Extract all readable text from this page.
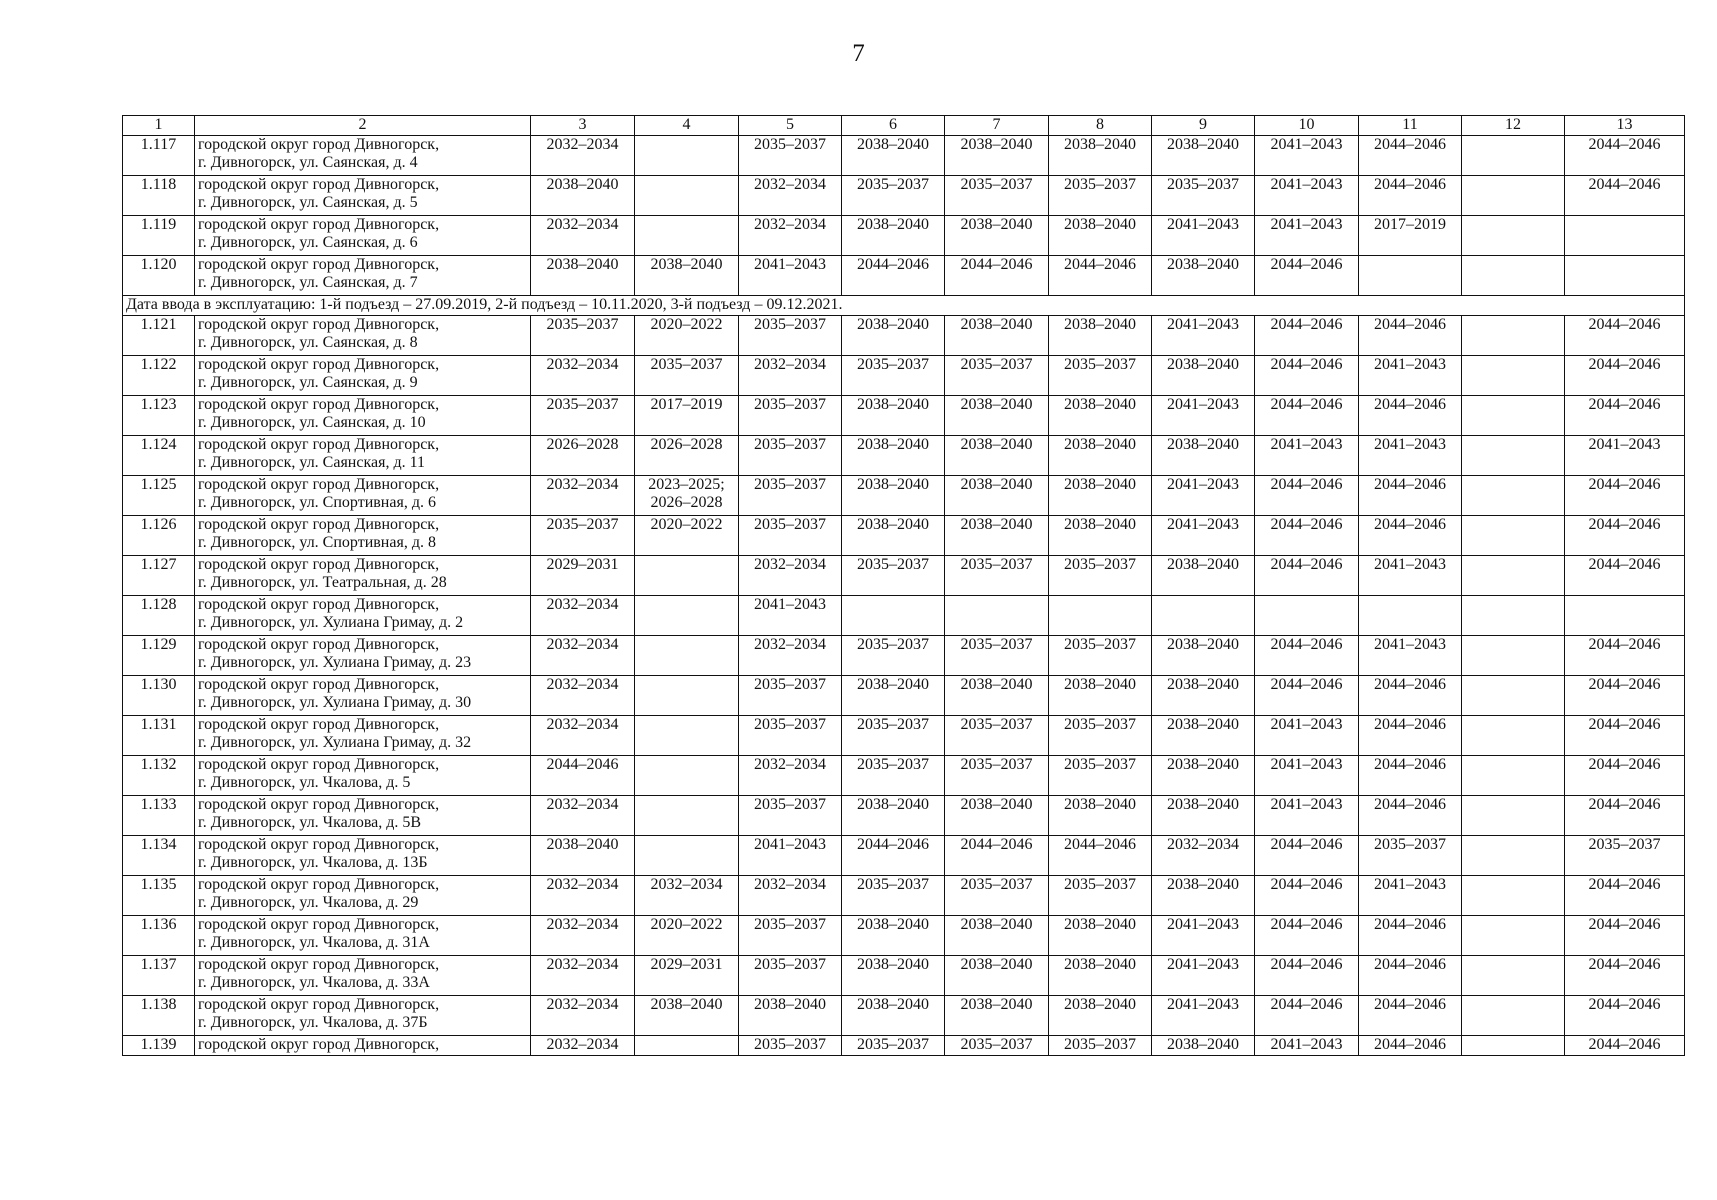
7
1	2	3	4	5	6	7	8	9	10	11	12	13
1.117	городской округ город Дивногорск,
г. Дивногорск, ул. Саянская, д. 4	2032–2034		2035–2037	2038–2040	2038–2040	2038–2040	2038–2040	2041–2043	2044–2046		2044–2046
1.118	городской округ город Дивногорск,
г. Дивногорск, ул. Саянская, д. 5	2038–2040		2032–2034	2035–2037	2035–2037	2035–2037	2035–2037	2041–2043	2044–2046		2044–2046
1.119	городской округ город Дивногорск,
г. Дивногорск, ул. Саянская, д. 6	2032–2034		2032–2034	2038–2040	2038–2040	2038–2040	2041–2043	2041–2043	2017–2019		
1.120	городской округ город Дивногорск,
г. Дивногорск, ул. Саянская, д. 7	2038–2040	2038–2040	2041–2043	2044–2046	2044–2046	2044–2046	2038–2040	2044–2046			
Дата ввода в эксплуатацию: 1-й подъезд – 27.09.2019, 2-й подъезд – 10.11.2020, 3-й подъезд – 09.12.2021.												
1.121	городской округ город Дивногорск,
г. Дивногорск, ул. Саянская, д. 8	2035–2037	2020–2022	2035–2037	2038–2040	2038–2040	2038–2040	2041–2043	2044–2046	2044–2046		2044–2046
1.122	городской округ город Дивногорск,
г. Дивногорск, ул. Саянская, д. 9	2032–2034	2035–2037	2032–2034	2035–2037	2035–2037	2035–2037	2038–2040	2044–2046	2041–2043		2044–2046
1.123	городской округ город Дивногорск,
г. Дивногорск, ул. Саянская, д. 10	2035–2037	2017–2019	2035–2037	2038–2040	2038–2040	2038–2040	2041–2043	2044–2046	2044–2046		2044–2046
1.124	городской округ город Дивногорск,
г. Дивногорск, ул. Саянская, д. 11	2026–2028	2026–2028	2035–2037	2038–2040	2038–2040	2038–2040	2038–2040	2041–2043	2041–2043		2041–2043
1.125	городской округ город Дивногорск,
г. Дивногорск, ул. Спортивная, д. 6	2032–2034	2023–2025;
2026–2028	2035–2037	2038–2040	2038–2040	2038–2040	2041–2043	2044–2046	2044–2046		2044–2046
1.126	городской округ город Дивногорск,
г. Дивногорск, ул. Спортивная, д. 8	2035–2037	2020–2022	2035–2037	2038–2040	2038–2040	2038–2040	2041–2043	2044–2046	2044–2046		2044–2046
1.127	городской округ город Дивногорск,
г. Дивногорск, ул. Театральная, д. 28	2029–2031		2032–2034	2035–2037	2035–2037	2035–2037	2038–2040	2044–2046	2041–2043		2044–2046
1.128	городской округ город Дивногорск,
г. Дивногорск, ул. Хулиана Гримау, д. 2	2032–2034		2041–2043								
1.129	городской округ город Дивногорск,
г. Дивногорск, ул. Хулиана Гримау, д. 23	2032–2034		2032–2034	2035–2037	2035–2037	2035–2037	2038–2040	2044–2046	2041–2043		2044–2046
1.130	городской округ город Дивногорск,
г. Дивногорск, ул. Хулиана Гримау, д. 30	2032–2034		2035–2037	2038–2040	2038–2040	2038–2040	2038–2040	2044–2046	2044–2046		2044–2046
1.131	городской округ город Дивногорск,
г. Дивногорск, ул. Хулиана Гримау, д. 32	2032–2034		2035–2037	2035–2037	2035–2037	2035–2037	2038–2040	2041–2043	2044–2046		2044–2046
1.132	городской округ город Дивногорск,
г. Дивногорск, ул. Чкалова, д. 5	2044–2046		2032–2034	2035–2037	2035–2037	2035–2037	2038–2040	2041–2043	2044–2046		2044–2046
1.133	городской округ город Дивногорск,
г. Дивногорск, ул. Чкалова, д. 5В	2032–2034		2035–2037	2038–2040	2038–2040	2038–2040	2038–2040	2041–2043	2044–2046		2044–2046
1.134	городской округ город Дивногорск,
г. Дивногорск, ул. Чкалова, д. 13Б	2038–2040		2041–2043	2044–2046	2044–2046	2044–2046	2032–2034	2044–2046	2035–2037		2035–2037
1.135	городской округ город Дивногорск,
г. Дивногорск, ул. Чкалова, д. 29	2032–2034	2032–2034	2032–2034	2035–2037	2035–2037	2035–2037	2038–2040	2044–2046	2041–2043		2044–2046
1.136	городской округ город Дивногорск,
г. Дивногорск, ул. Чкалова, д. 31А	2032–2034	2020–2022	2035–2037	2038–2040	2038–2040	2038–2040	2041–2043	2044–2046	2044–2046		2044–2046
1.137	городской округ город Дивногорск,
г. Дивногорск, ул. Чкалова, д. 33А	2032–2034	2029–2031	2035–2037	2038–2040	2038–2040	2038–2040	2041–2043	2044–2046	2044–2046		2044–2046
1.138	городской округ город Дивногорск,
г. Дивногорск, ул. Чкалова, д. 37Б	2032–2034	2038–2040	2038–2040	2038–2040	2038–2040	2038–2040	2041–2043	2044–2046	2044–2046		2044–2046
1.139	городской округ город Дивногорск,	2032–2034		2035–2037	2035–2037	2035–2037	2035–2037	2038–2040	2041–2043	2044–2046		2044–2046
